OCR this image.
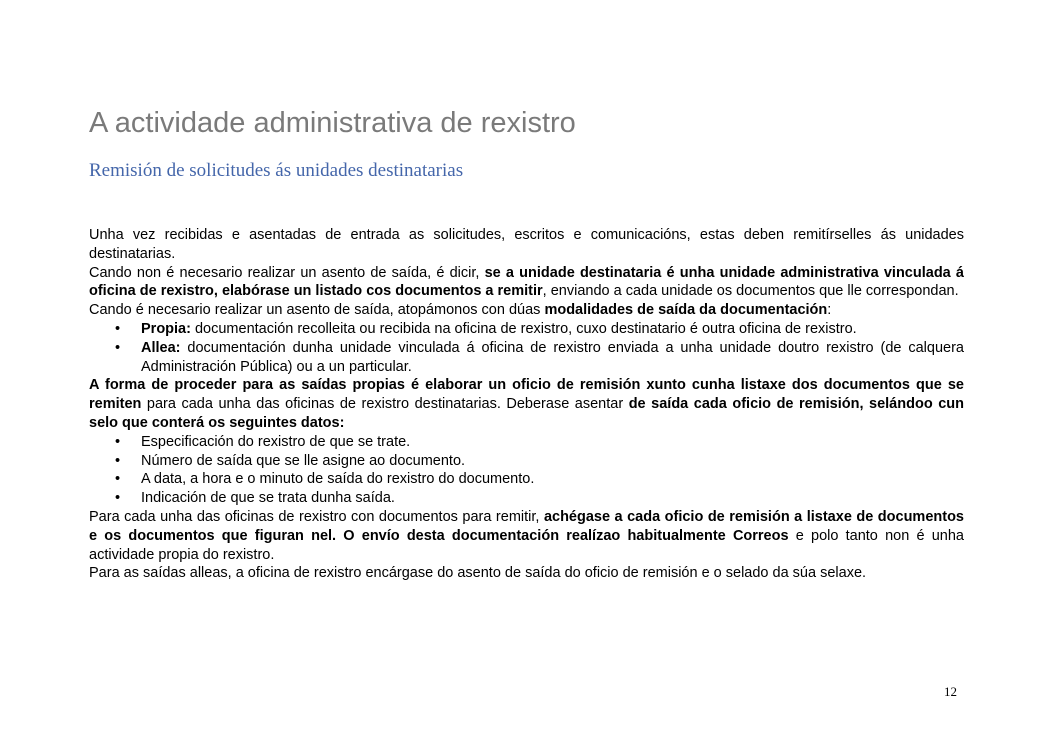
A actividade administrativa de rexistro
Remisión de solicitudes ás unidades destinatarias

Unha vez recibidas e asentadas de entrada as solicitudes, escritos e comunicacións, estas deben remitírselles ás unidades destinatarias.

Cando non é necesario realizar un asento de saída, é dicir, se a unidade destinataria é unha unidade administrativa vinculada á oficina de rexistro, elabórase un listado cos documentos a remitir, enviando a cada unidade os documentos que lle correspondan.

Cando é necesario realizar un asento de saída, atopámonos con dúas modalidades de saída da documentación:

• Propia: documentación recolleita ou recibida na oficina de rexistro, cuxo destinatario é outra oficina de rexistro.
• Allea: documentación dunha unidade vinculada á oficina de rexistro enviada a unha unidade doutro rexistro (de calquera Administración Pública) ou a un particular.

A forma de proceder para as saídas propias é elaborar un oficio de remisión xunto cunha listaxe dos documentos que se remiten para cada unha das oficinas de rexistro destinatarias. Deberase asentar de saída cada oficio de remisión, selándoo cun selo que conterá os seguintes datos:

• Especificación do rexistro de que se trate.
• Número de saída que se lle asigne ao documento.
• A data, a hora e o minuto de saída do rexistro do documento.
• Indicación de que se trata dunha saída.

Para cada unha das oficinas de rexistro con documentos para remitir, achégase a cada oficio de remisión a listaxe de documentos e os documentos que figuran nel. O envío desta documentación realízao habitualmente Correos e polo tanto non é unha actividade propia do rexistro.

Para as saídas alleas, a oficina de rexistro encárgase do asento de saída do oficio de remisión e o selado da súa selaxe.

12
